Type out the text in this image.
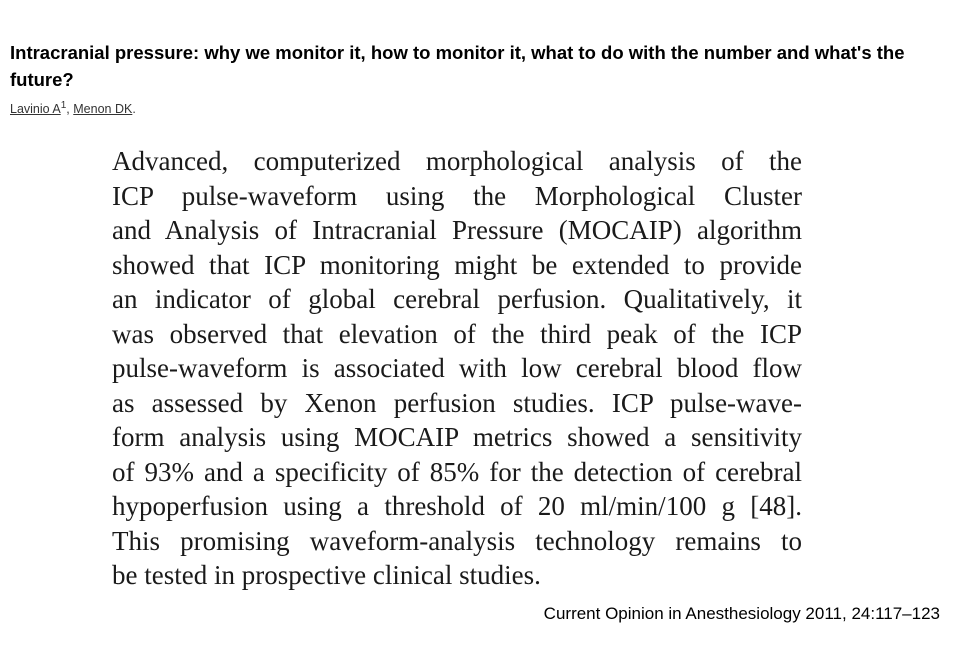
Intracranial pressure: why we monitor it, how to monitor it, what to do with the number and what's the future?
Lavinio A$^1$, Menon DK.
Advanced, computerized morphological analysis of the
ICP pulse-waveform using the Morphological Cluster
and Analysis of Intracranial Pressure (MOCAIP) algorithm
showed that ICP monitoring might be extended to provide
an indicator of global cerebral perfusion. Qualitatively, it
was observed that elevation of the third peak of the ICP
pulse-waveform is associated with low cerebral blood flow
as assessed by Xenon perfusion studies. ICP pulse-wave-
form analysis using MOCAIP metrics showed a sensitivity
of 93% and a specificity of 85% for the detection of cerebral
hypoperfusion using a threshold of 20 ml/min/100 g [48].
This promising waveform-analysis technology remains to
be tested in prospective clinical studies.
Current Opinion in Anesthesiology 2011, 24:117–123
